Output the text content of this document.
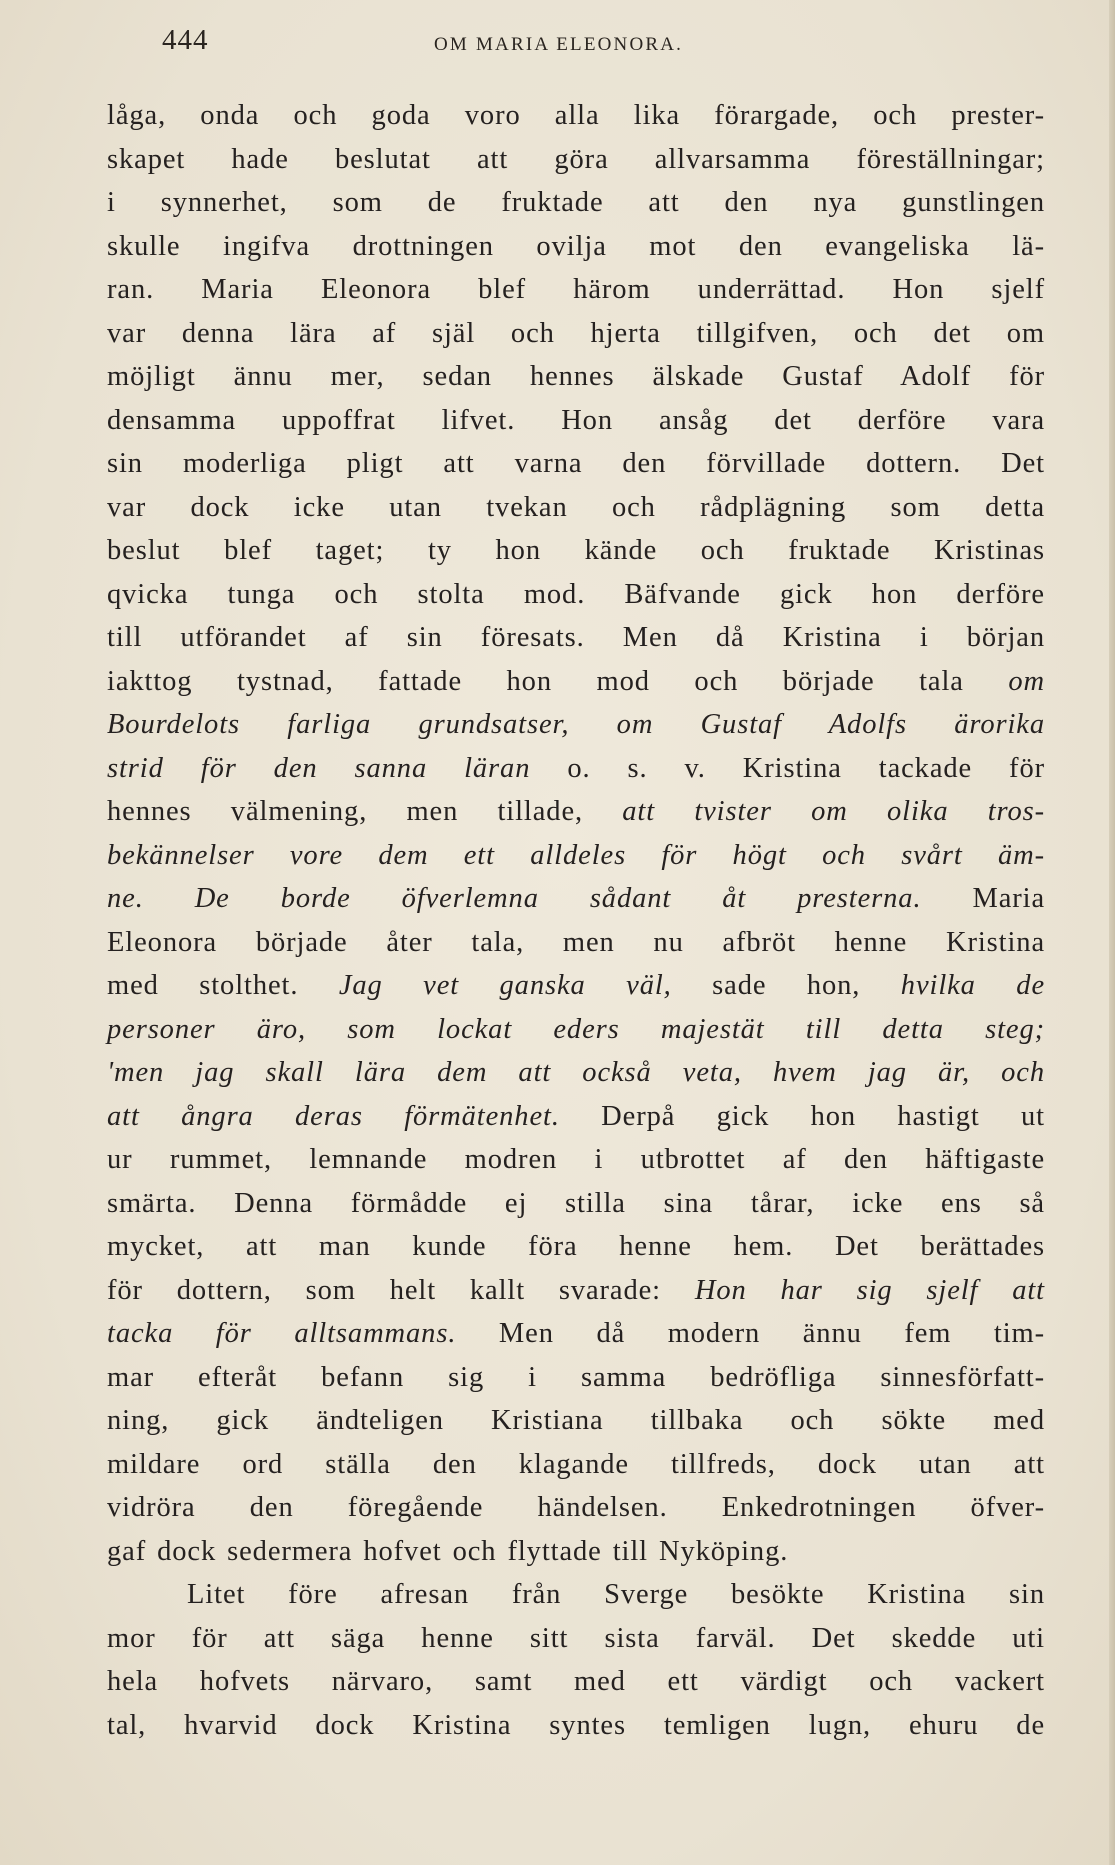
444	OM MARIA ELEONORA.
låga, onda och goda voro alla lika förargade, och prester-
skapet hade beslutat att göra allvarsamma föreställningar;
i synnerhet, som de fruktade att den nya gunstlingen
skulle ingifva drottningen ovilja mot den evangeliska lä-
ran. Maria Eleonora blef härom underrättad. Hon sjelf
var denna lära af själ och hjerta tillgifven, och det om
möjligt ännu mer, sedan hennes älskade Gustaf Adolf för
densamma uppoffrat lifvet. Hon ansåg det derföre vara
sin moderliga pligt att varna den förvillade dottern. Det
var dock icke utan tvekan och rådplägning som detta
beslut blef taget; ty hon kände och fruktade Kristinas
qvicka tunga och stolta mod. Bäfvande gick hon derföre
till utförandet af sin föresats. Men då Kristina i början
iakttog tystnad, fattade hon mod och började tala om
Bourdelots farliga grundsatser, om Gustaf Adolfs ärorika
strid för den sanna läran o. s. v. Kristina tackade för
hennes välmening, men tillade, att tvister om olika tros-
bekännelser vore dem ett alldeles för högt och svårt äm-
ne. De borde öfverlemna sådant åt presterna. Maria
Eleonora började åter tala, men nu afbröt henne Kristina
med stolthet. Jag vet ganska väl, sade hon, hvilka de
personer äro, som lockat eders majestät till detta steg;
'men jag skall lära dem att också veta, hvem jag är, och
att ångra deras förmätenhet. Derpå gick hon hastigt ut
ur rummet, lemnande modren i utbrottet af den häftigaste
smärta. Denna förmådde ej stilla sina tårar, icke ens så
mycket, att man kunde föra henne hem. Det berättades
för dottern, som helt kallt svarade: Hon har sig sjelf att
tacka för alltsammans. Men då modern ännu fem tim-
mar efteråt befann sig i samma bedröfliga sinnesförfatt-
ning, gick ändteligen Kristiana tillbaka och sökte med
mildare ord ställa den klagande tillfreds, dock utan att
vidröra den föregående händelsen. Enkedrotningen öfver-
gaf dock sedermera hofvet och flyttade till Nyköping.
Litet före afresan från Sverge besökte Kristina sin
mor för att säga henne sitt sista farväl. Det skedde uti
hela hofvets närvaro, samt med ett värdigt och vackert
tal, hvarvid dock Kristina syntes temligen lugn, ehuru de
